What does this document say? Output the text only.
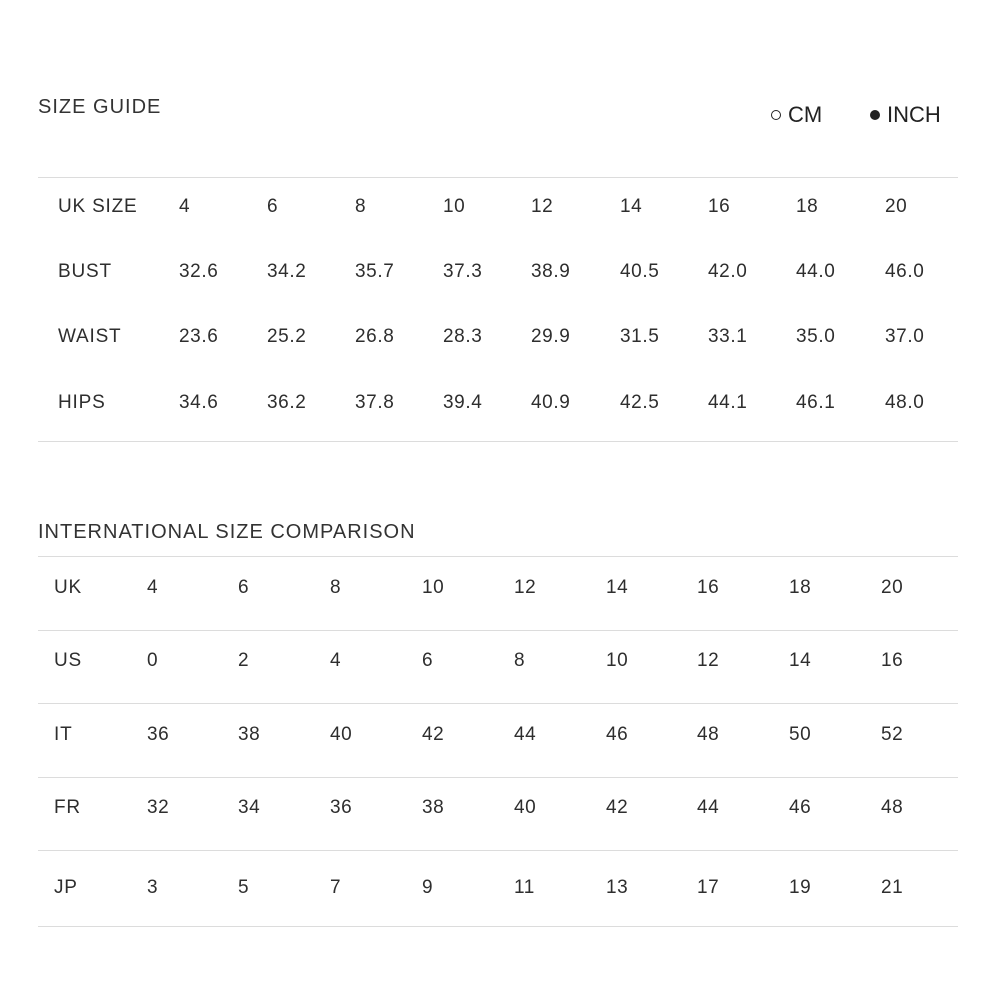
SIZE GUIDE	CM	INCH
UK SIZE 4	6	8	10	12	14	16	18	20
BUST	32.6	34.2	35.7	37.3	38.9	40.5	42.0	44.0	46.0
WAIST	23.6	25.2	26.8	28.3	29.9	31.5	33.1	35.0	37.0
HIPS	34.6	36.2	37.8	39.4	40.9	42.5	44.1	46.1	48.0
INTERNATIONAL SIZE COMPARISON
UK	4	6	8	10	12	14	16	18	20
US	0	2	4	6	8	10	12	14	16
IT	36	38	40	42	44	46	48	50	52
FR	32	34	36	38	40	42	44	46	48
JP	3	5	7	9	11	13	17	19	21
